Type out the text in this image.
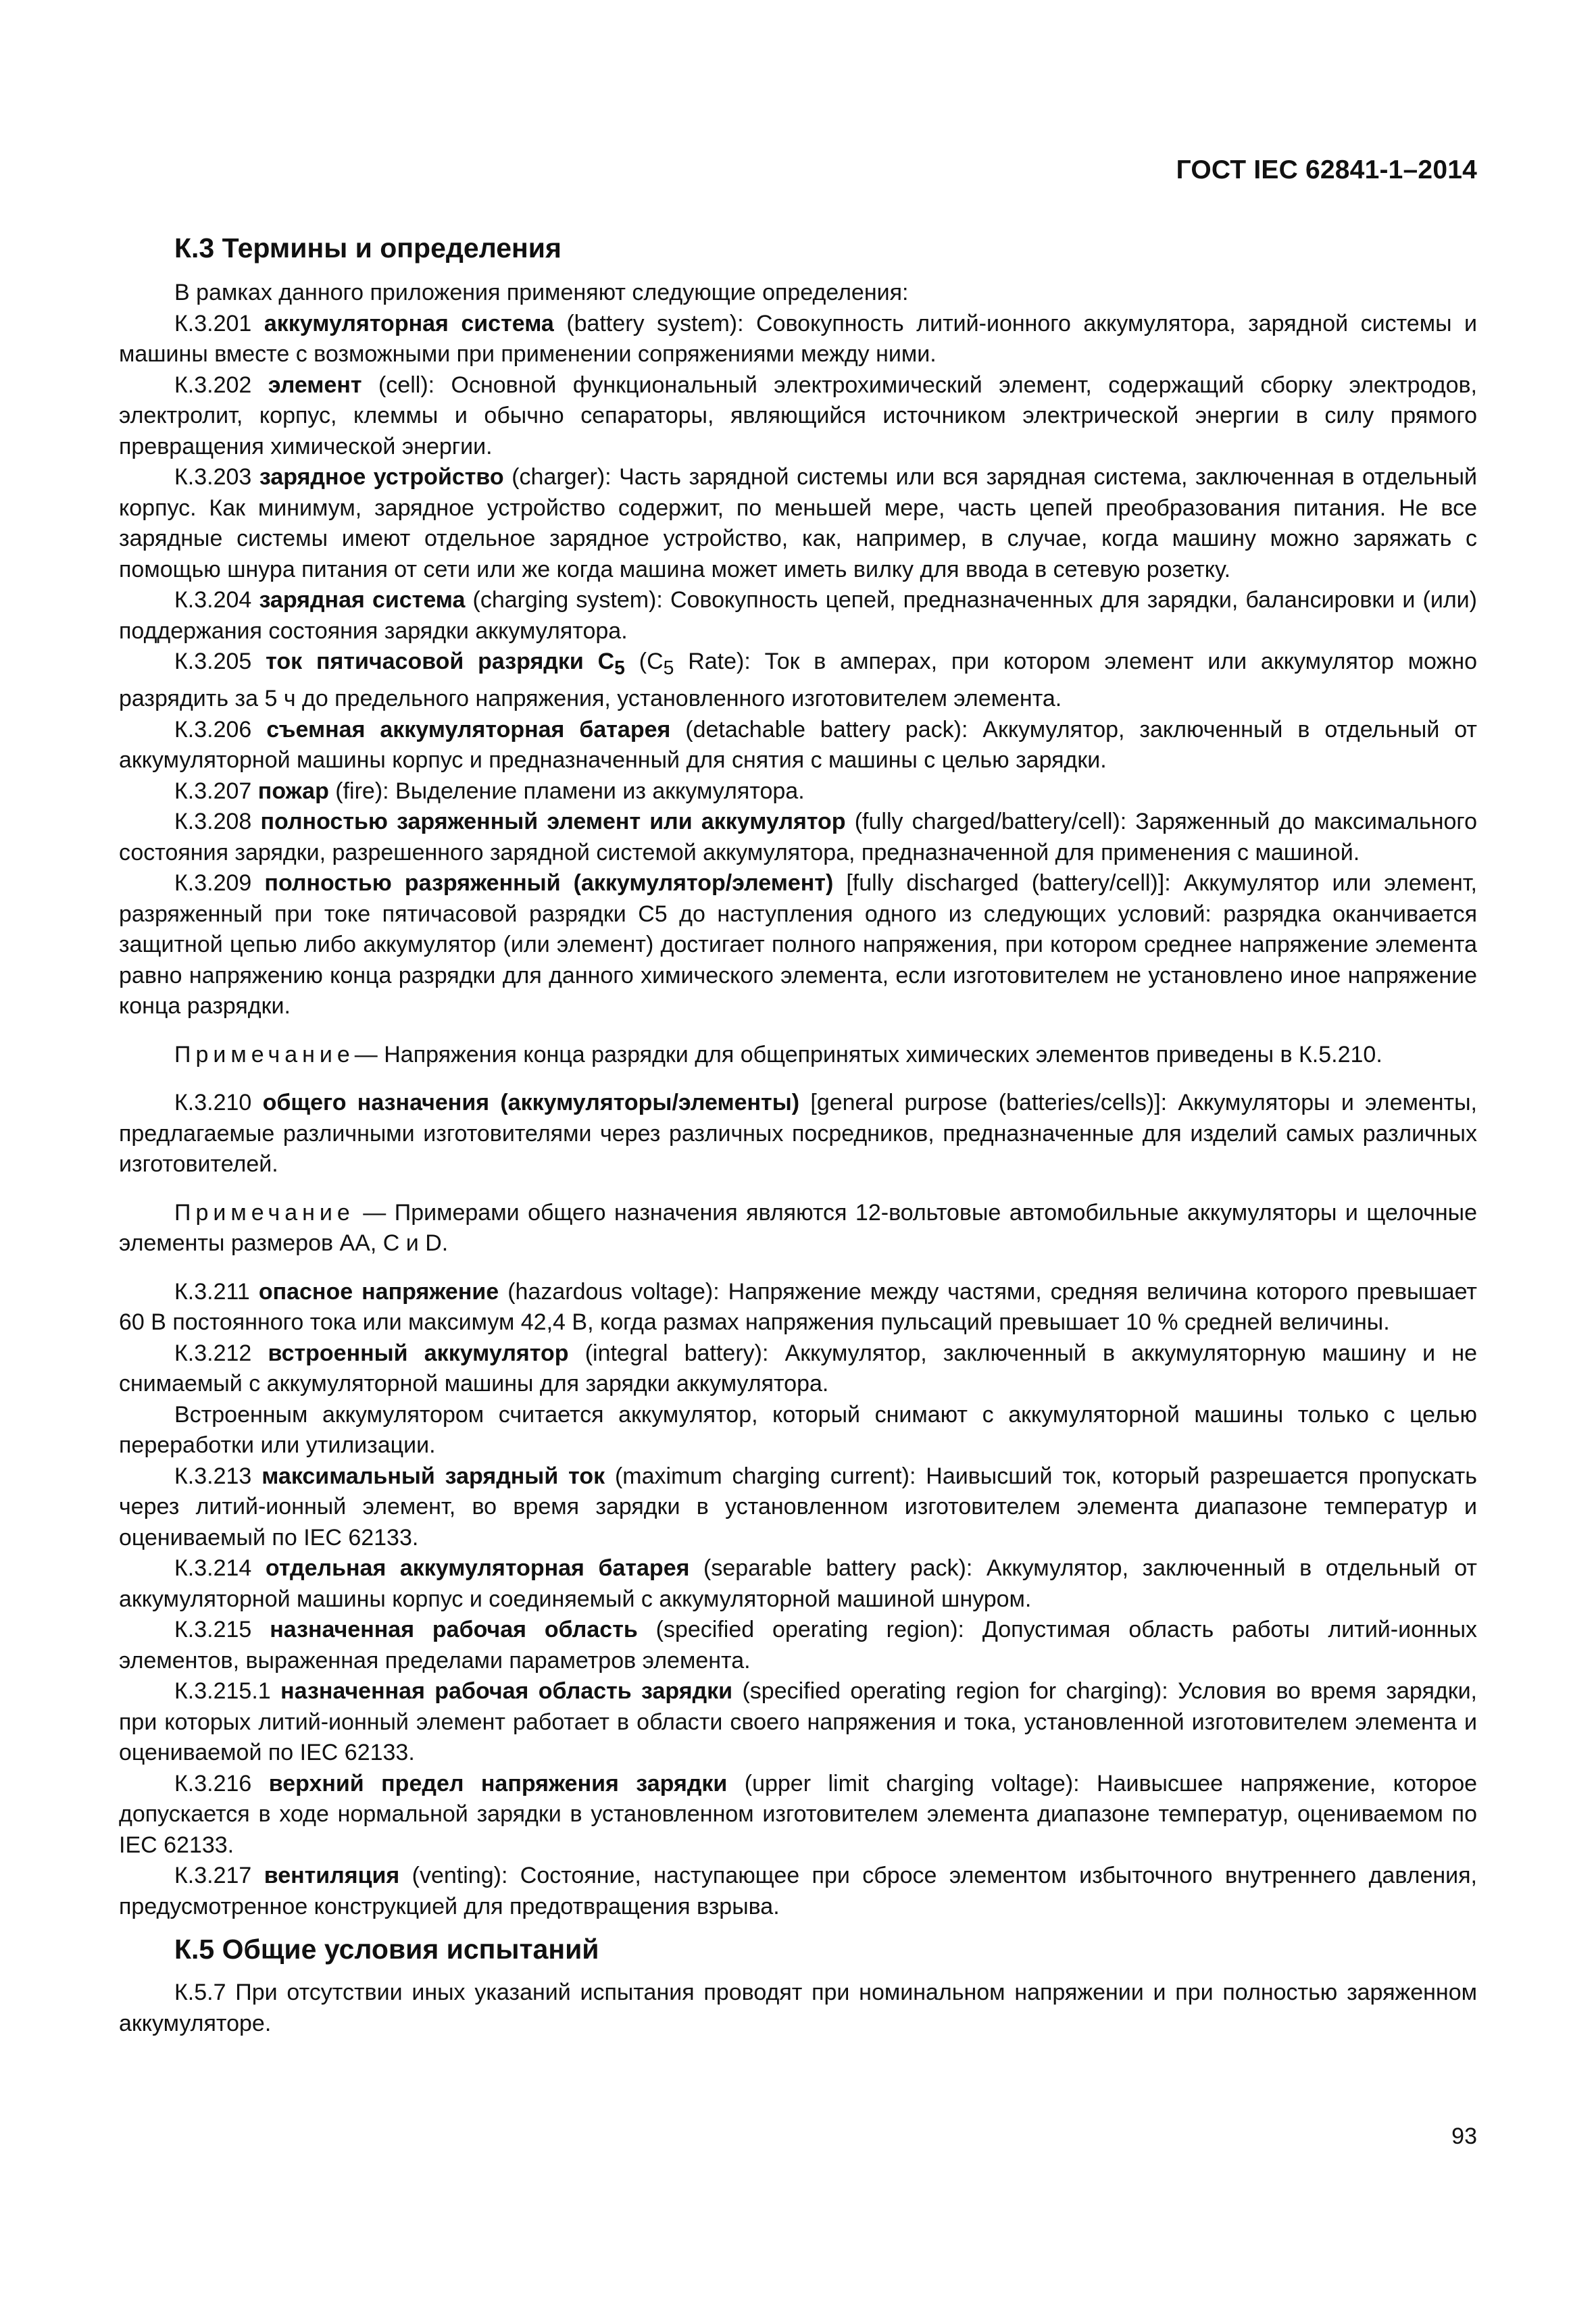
ГОСТ IEC 62841-1–2014
К.3 Термины и определения

В рамках данного приложения применяют следующие определения:

К.3.201 аккумуляторная система (battery system): Совокупность литий-ионного аккумулятора, зарядной системы и машины вместе с возможными при применении сопряжениями между ними.

К.3.202 элемент (cell): Основной функциональный электрохимический элемент, содержащий сборку электродов, электролит, корпус, клеммы и обычно сепараторы, являющийся источником электрической энергии в силу прямого превращения химической энергии.

К.3.203 зарядное устройство (charger): Часть зарядной системы или вся зарядная система, заключенная в отдельный корпус. Как минимум, зарядное устройство содержит, по меньшей мере, часть цепей преобразования питания. Не все зарядные системы имеют отдельное зарядное устройство, как, например, в случае, когда машину можно заряжать с помощью шнура питания от сети или же когда машина может иметь вилку для ввода в сетевую розетку.

К.3.204 зарядная система (charging system): Совокупность цепей, предназначенных для зарядки, балансировки и (или) поддержания состояния зарядки аккумулятора.

К.3.205 ток пятичасовой разрядки $C_5$ ($C_5$ Rate): Ток в амперах, при котором элемент или аккумулятор можно разрядить за 5 ч до предельного напряжения, установленного изготовителем элемента.

К.3.206 съемная аккумуляторная батарея (detachable battery pack): Аккумулятор, заключенный в отдельный от аккумуляторной машины корпус и предназначенный для снятия с машины с целью зарядки.

К.3.207 пожар (fire): Выделение пламени из аккумулятора.

К.3.208 полностью заряженный элемент или аккумулятор (fully charged/battery/cell): Заряженный до максимального состояния зарядки, разрешенного зарядной системой аккумулятора, предназначенной для применения с машиной.

К.3.209 полностью разряженный (аккумулятор/элемент) [fully discharged (battery/cell)]: Аккумулятор или элемент, разряженный при токе пятичасовой разрядки С5 до наступления одного из следующих условий: разрядка оканчивается защитной цепью либо аккумулятор (или элемент) достигает полного напряжения, при котором среднее напряжение элемента равно напряжению конца разрядки для данного химического элемента, если изготовителем не установлено иное напряжение конца разрядки.

Примечание— Напряжения конца разрядки для общепринятых химических элементов приведены в К.5.210.

К.3.210 общего назначения (аккумуляторы/элементы) [general purpose (batteries/cells)]: Аккумуляторы и элементы, предлагаемые различными изготовителями через различных посредников, предназначенные для изделий самых различных изготовителей.

Примечание — Примерами общего назначения являются 12-вольтовые автомобильные аккумуляторы и щелочные элементы размеров АА, С и D.

К.3.211 опасное напряжение (hazardous voltage): Напряжение между частями, средняя величина которого превышает 60 В постоянного тока или максимум 42,4 В, когда размах напряжения пульсаций превышает 10 % средней величины.

К.3.212 встроенный аккумулятор (integral battery): Аккумулятор, заключенный в аккумуляторную машину и не снимаемый с аккумуляторной машины для зарядки аккумулятора.

Встроенным аккумулятором считается аккумулятор, который снимают с аккумуляторной машины только с целью переработки или утилизации.

К.3.213 максимальный зарядный ток (maximum charging current): Наивысший ток, который разрешается пропускать через литий-ионный элемент, во время зарядки в установленном изготовителем элемента диапазоне температур и оцениваемый по IEC 62133.

К.3.214 отдельная аккумуляторная батарея (separable battery pack): Аккумулятор, заключенный в отдельный от аккумуляторной машины корпус и соединяемый с аккумуляторной машиной шнуром.

К.3.215 назначенная рабочая область (specified operating region): Допустимая область работы литий-ионных элементов, выраженная пределами параметров элемента.

К.3.215.1 назначенная рабочая область зарядки (specified operating region for charging): Условия во время зарядки, при которых литий-ионный элемент работает в области своего напряжения и тока, установленной изготовителем элемента и оцениваемой по IEC 62133.

К.3.216 верхний предел напряжения зарядки (upper limit charging voltage): Наивысшее напряжение, которое допускается в ходе нормальной зарядки в установленном изготовителем элемента диапазоне температур, оцениваемом по IEC 62133.

К.3.217 вентиляция (venting): Состояние, наступающее при сбросе элементом избыточного внутреннего давления, предусмотренное конструкцией для предотвращения взрыва.

К.5 Общие условия испытаний

К.5.7 При отсутствии иных указаний испытания проводят при номинальном напряжении и при полностью заряженном аккумуляторе.

93
